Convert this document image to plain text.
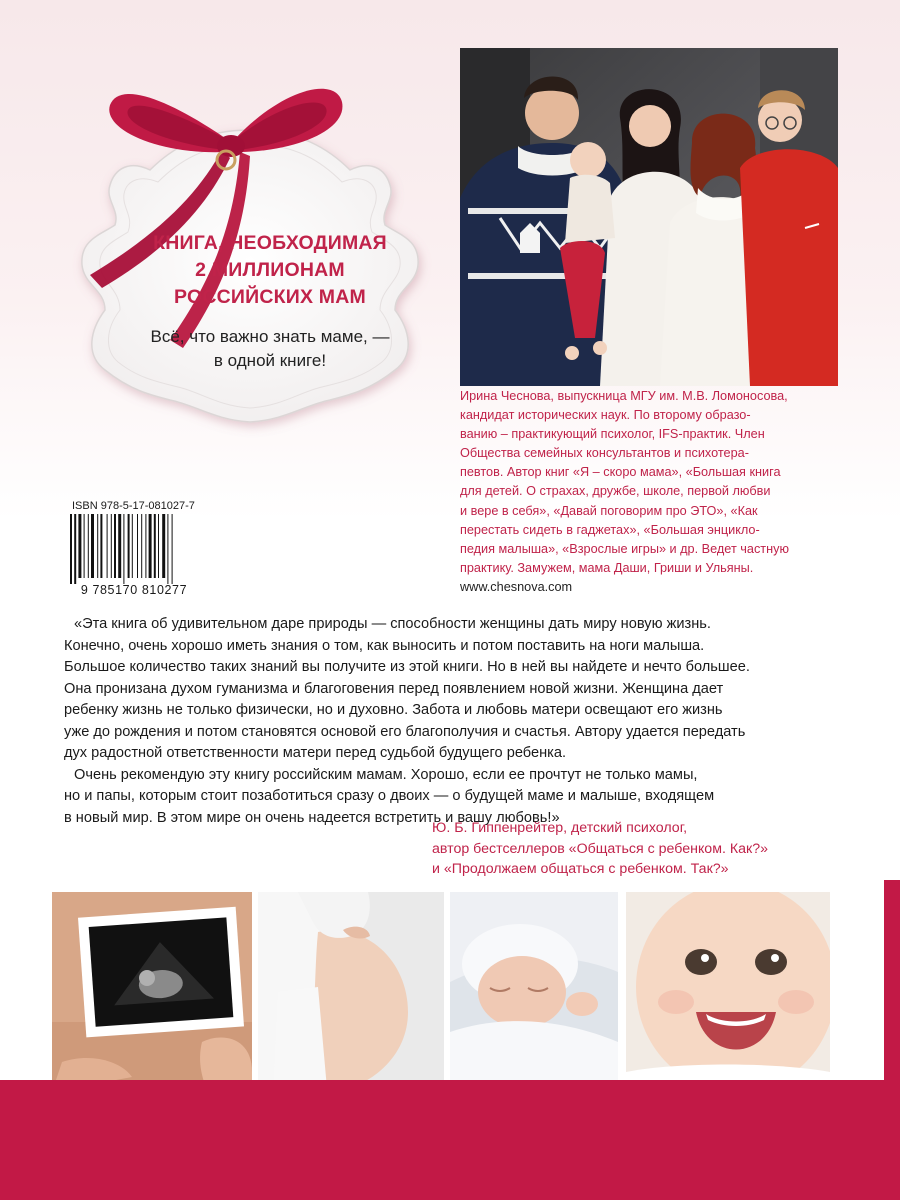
КНИГА, НЕОБХОДИМАЯ
2 МИЛЛИОНАМ
РОССИЙСКИХ МАМ
Всё, что важно знать маме, —
в одной книге!

Ирина Чеснова, выпускница МГУ им. М.В. Ломоносова,

кандидат исторических наук. По второму образо-

ванию – практикующий психолог, IFS-практик. Член

Общества семейных консультантов и психотера-

певтов. Автор книг «Я – скоро мама», «Большая книга

для детей. О страхах, дружбе, школе, первой любви

и вере в себя», «Давай поговорим про ЭТО», «Как

перестать сидеть в гаджетах», «Большая энцикло-

педия малыша», «Взрослые игры» и др. Ведет частную

практику. Замужем, мама Даши, Гриши и Ульяны.

www.chesnova.com

ISBN 978-5-17-081027-7
9 785170 810277

«Эта книга об удивительном даре природы — способности женщины дать миру новую жизнь.
Конечно, очень хорошо иметь знания о том, как выносить и потом поставить на ноги малыша.
Большое количество таких знаний вы получите из этой книги. Но в ней вы найдете и нечто большее.
Она пронизана духом гуманизма и благоговения перед появлением новой жизни. Женщина дает
ребенку жизнь не только физически, но и духовно. Забота и любовь матери освещают его жизнь
уже до рождения и потом становятся основой его благополучия и счастья. Автору удается передать
дух радостной ответственности матери перед судьбой будущего ребенка.

Очень рекомендую эту книгу российским мамам. Хорошо, если ее прочтут не только мамы,
но и папы, которым стоит позаботиться сразу о двоих — о будущей маме и малыше, входящем
в новый мир. В этом мире он очень надеется встретить и вашу любовь!»

Ю. Б. Гиппенрейтер, детский психолог,
автор бестселлеров «Общаться с ребенком. Как?»
и «Продолжаем общаться с ребенком. Так?»
